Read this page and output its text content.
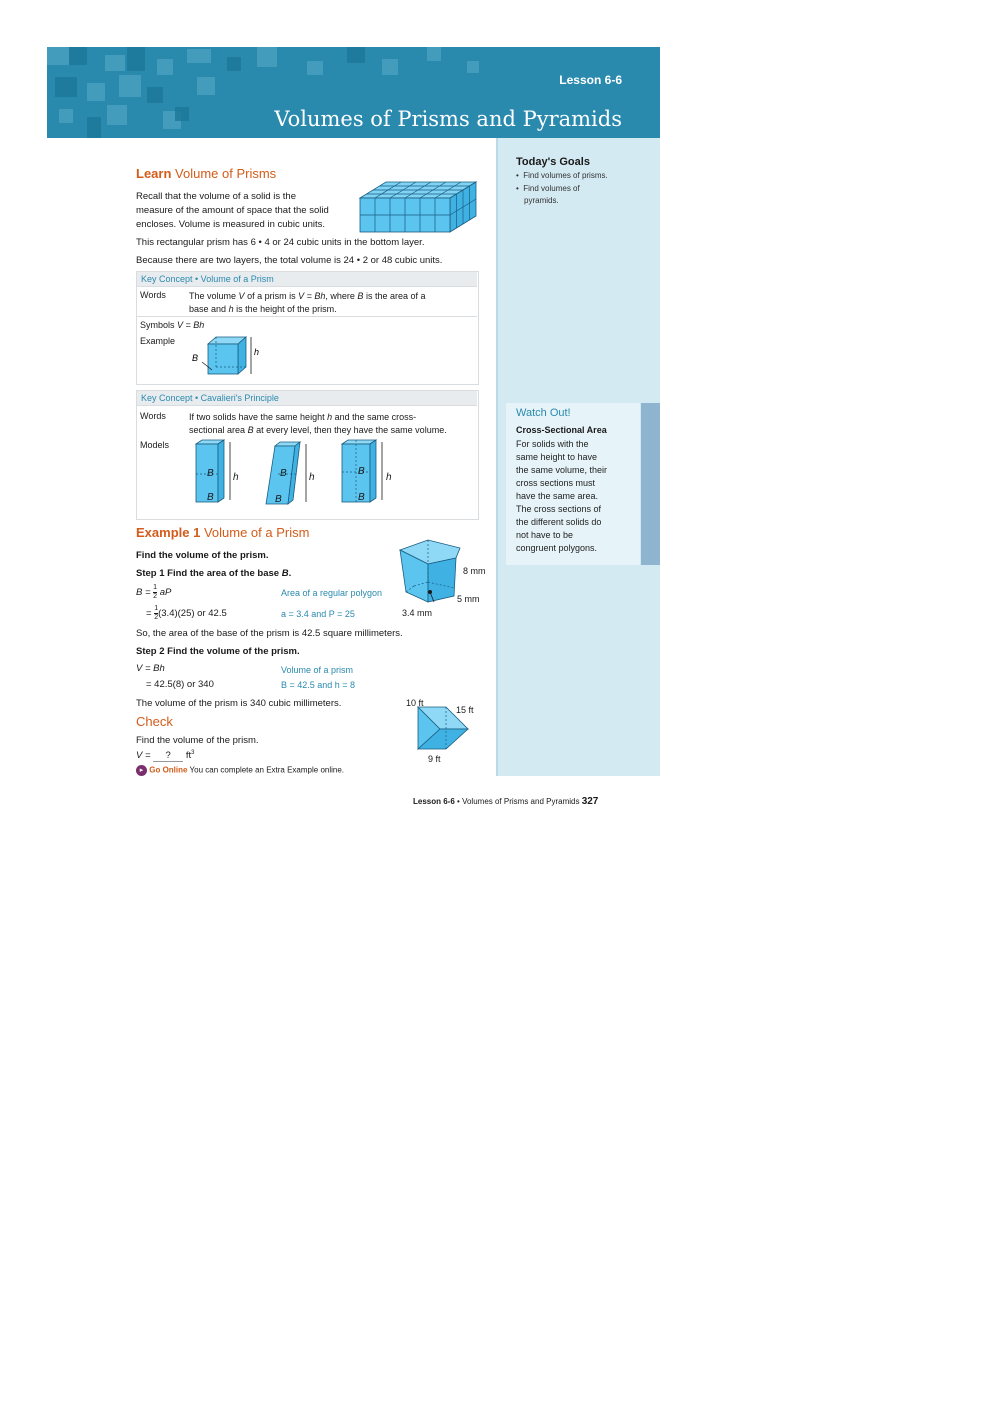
Lesson 6-6
Volumes of Prisms and Pyramids
Today's Goals
•  Find volumes of prisms.
•  Find volumes of
pyramids.
Watch Out!
Cross-Sectional Area
For solids with the
same height to have
the same volume, their
cross sections must
have the same area.
The cross sections of
the different solids do
not have to be
congruent polygons.
Learn Volume of Prisms
Recall that the volume of a solid is the
measure of the amount of space that the solid
encloses. Volume is measured in cubic units.
This rectangular prism has 6 • 4 or 24 cubic units in the bottom layer.
Because there are two layers, the total volume is 24 • 2 or 48 cubic units.
Key Concept • Volume of a Prism
Words	The volume V of a prism is V = Bh, where B is the area of a
base and h is the height of the prism.
Symbols V = Bh
Example
B
h
Key Concept • Cavalieri's Principle
Words	If two solids have the same height h and the same cross-
sectional area B at every level, then they have the same volume.
Models
B
B
h	B
B
h
B
B
h
Example 1 Volume of a Prism
Find the volume of the prism.
Step 1 Find the area of the base B.
$B = \frac{1}{2}$ aP	Area of a regular polygon
= $\frac{1}{2} (3.4)(25)$ or 42.5	a = 3.4 and P = 25
So, the area of the base of the prism is 42.5 square millimeters.
Step 2 Find the volume of the prism.
V = Bh	Volume of a prism
= 42.5(8) or 340	B = 42.5 and h = 8
The volume of the prism is 340 cubic millimeters.
8 mm
5 mm
3.4 mm
Check
Find the volume of the prism.
V = ? $ft^3$
▸ Go Online You can complete an Extra Example online.
10 ft
15 ft
9 ft
Lesson 6-6 • Volumes of Prisms and Pyramids 327
